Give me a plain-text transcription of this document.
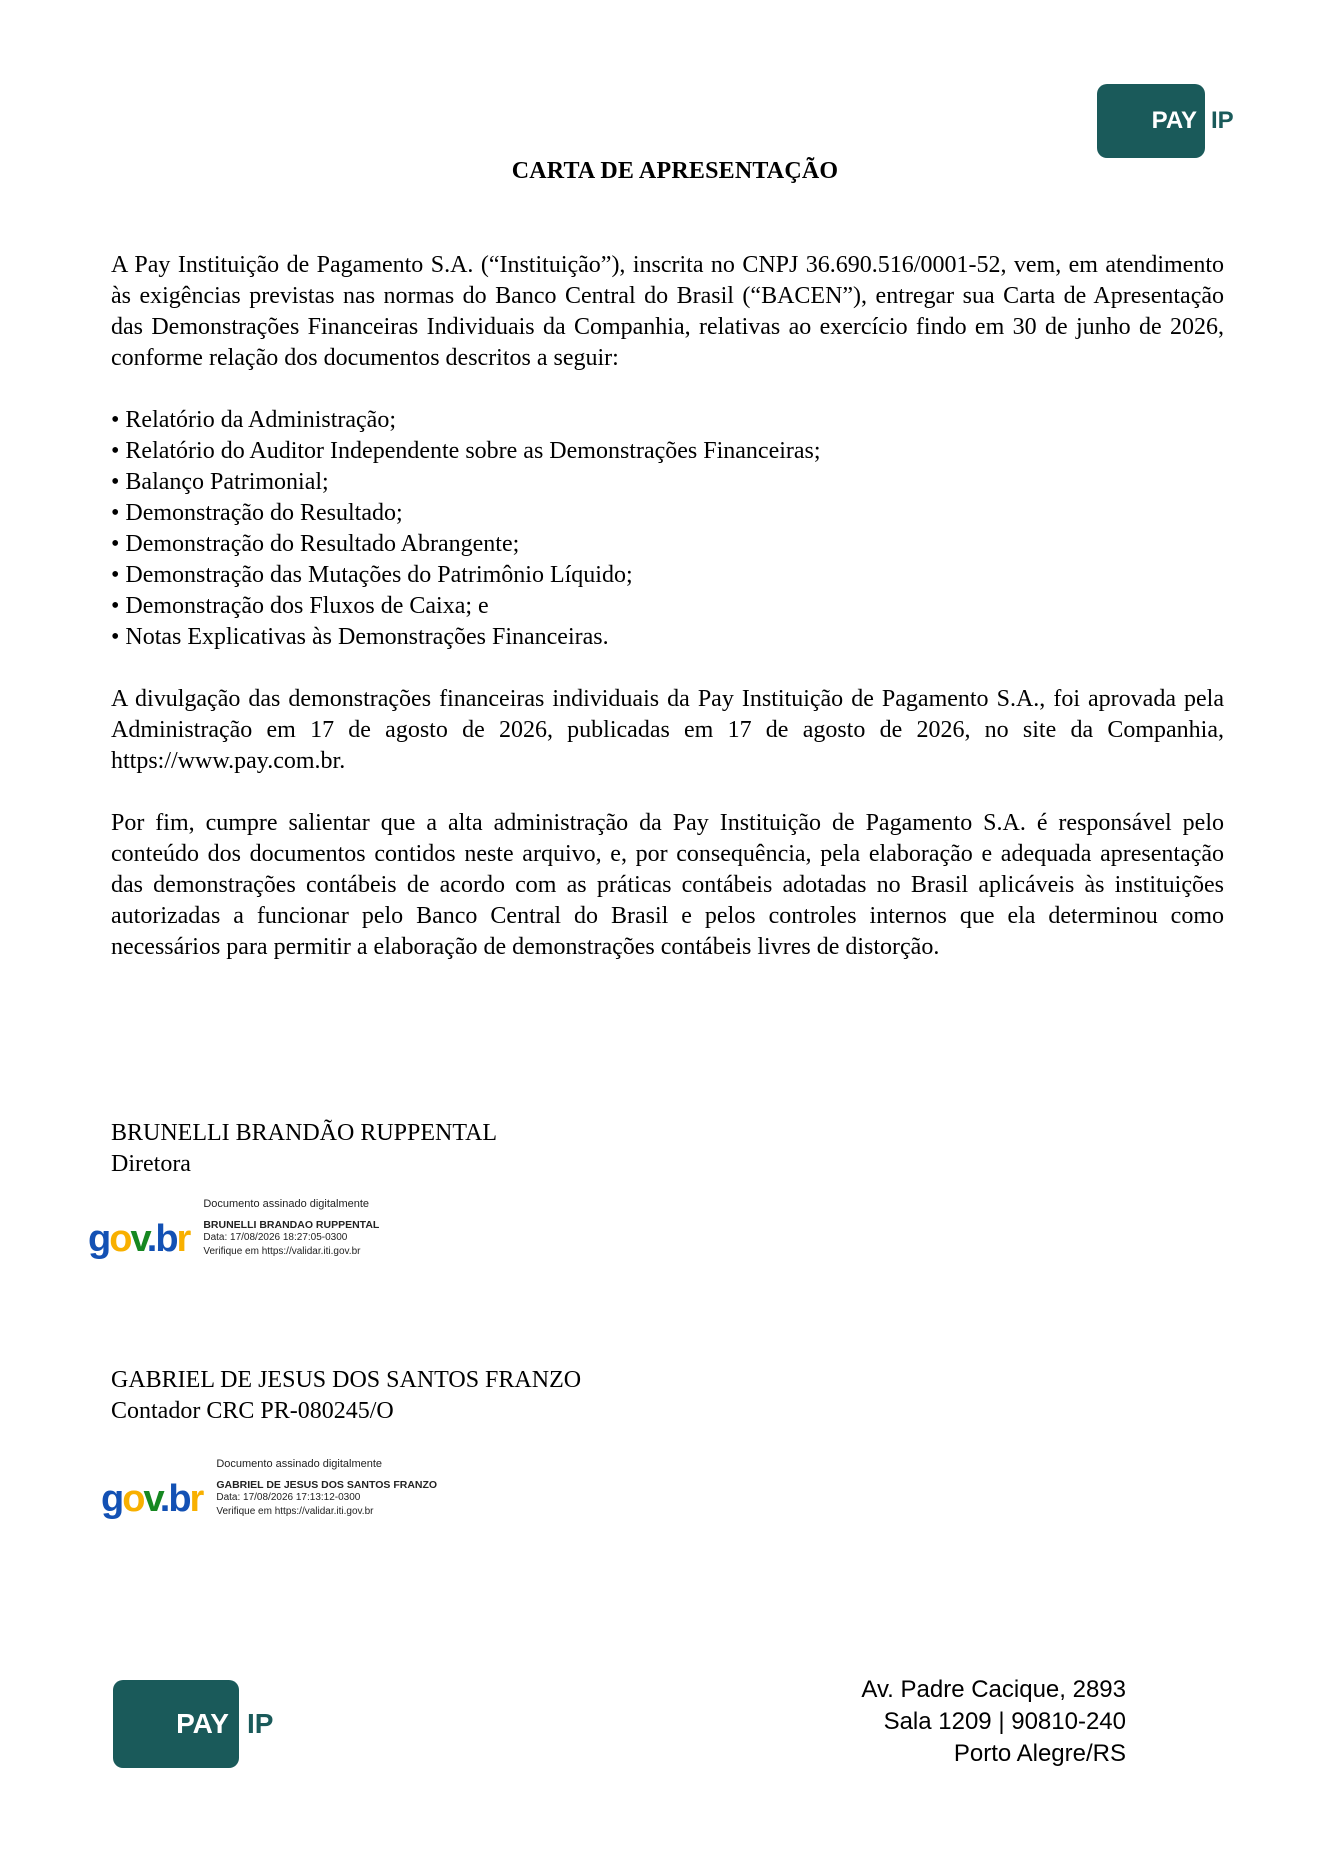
PAY IP
CARTA DE APRESENTAÇÃO

A Pay Instituição de Pagamento S.A. (“Instituição”), inscrita no CNPJ 36.690.516/0001-52, vem, em atendimento às exigências previstas nas normas do Banco Central do Brasil (“BACEN”), entregar sua Carta de Apresentação das Demonstrações Financeiras Individuais da Companhia, relativas ao exercício findo em 30 de junho de 2026, conforme relação dos documentos descritos a seguir:

• Relatório da Administração;
• Relatório do Auditor Independente sobre as Demonstrações Financeiras;
• Balanço Patrimonial;
• Demonstração do Resultado;
• Demonstração do Resultado Abrangente;
• Demonstração das Mutações do Patrimônio Líquido;
• Demonstração dos Fluxos de Caixa; e
• Notas Explicativas às Demonstrações Financeiras.

A divulgação das demonstrações financeiras individuais da Pay Instituição de Pagamento S.A., foi aprovada pela Administração em 17 de agosto de 2026, publicadas em 17 de agosto de 2026, no site da Companhia, https://www.pay.com.br.

Por fim, cumpre salientar que a alta administração da Pay Instituição de Pagamento S.A. é responsável pelo conteúdo dos documentos contidos neste arquivo, e, por consequência, pela elaboração e adequada apresentação das demonstrações contábeis de acordo com as práticas contábeis adotadas no Brasil aplicáveis às instituições autorizadas a funcionar pelo Banco Central do Brasil e pelos controles internos que ela determinou como necessários para permitir a elaboração de demonstrações contábeis livres de distorção.

BRUNELLI BRANDÃO RUPPENTAL
Diretora
gov.br
Documento assinado digitalmente
BRUNELLI BRANDAO RUPPENTAL
Data: 17/08/2026 18:27:05-0300
Verifique em https://validar.iti.gov.br
GABRIEL DE JESUS DOS SANTOS FRANZO
Contador CRC PR-080245/O
gov.br
Documento assinado digitalmente
GABRIEL DE JESUS DOS SANTOS FRANZO
Data: 17/08/2026 17:13:12-0300
Verifique em https://validar.iti.gov.br
PAY IP
Av. Padre Cacique, 2893
Sala 1209 | 90810-240
Porto Alegre/RS
